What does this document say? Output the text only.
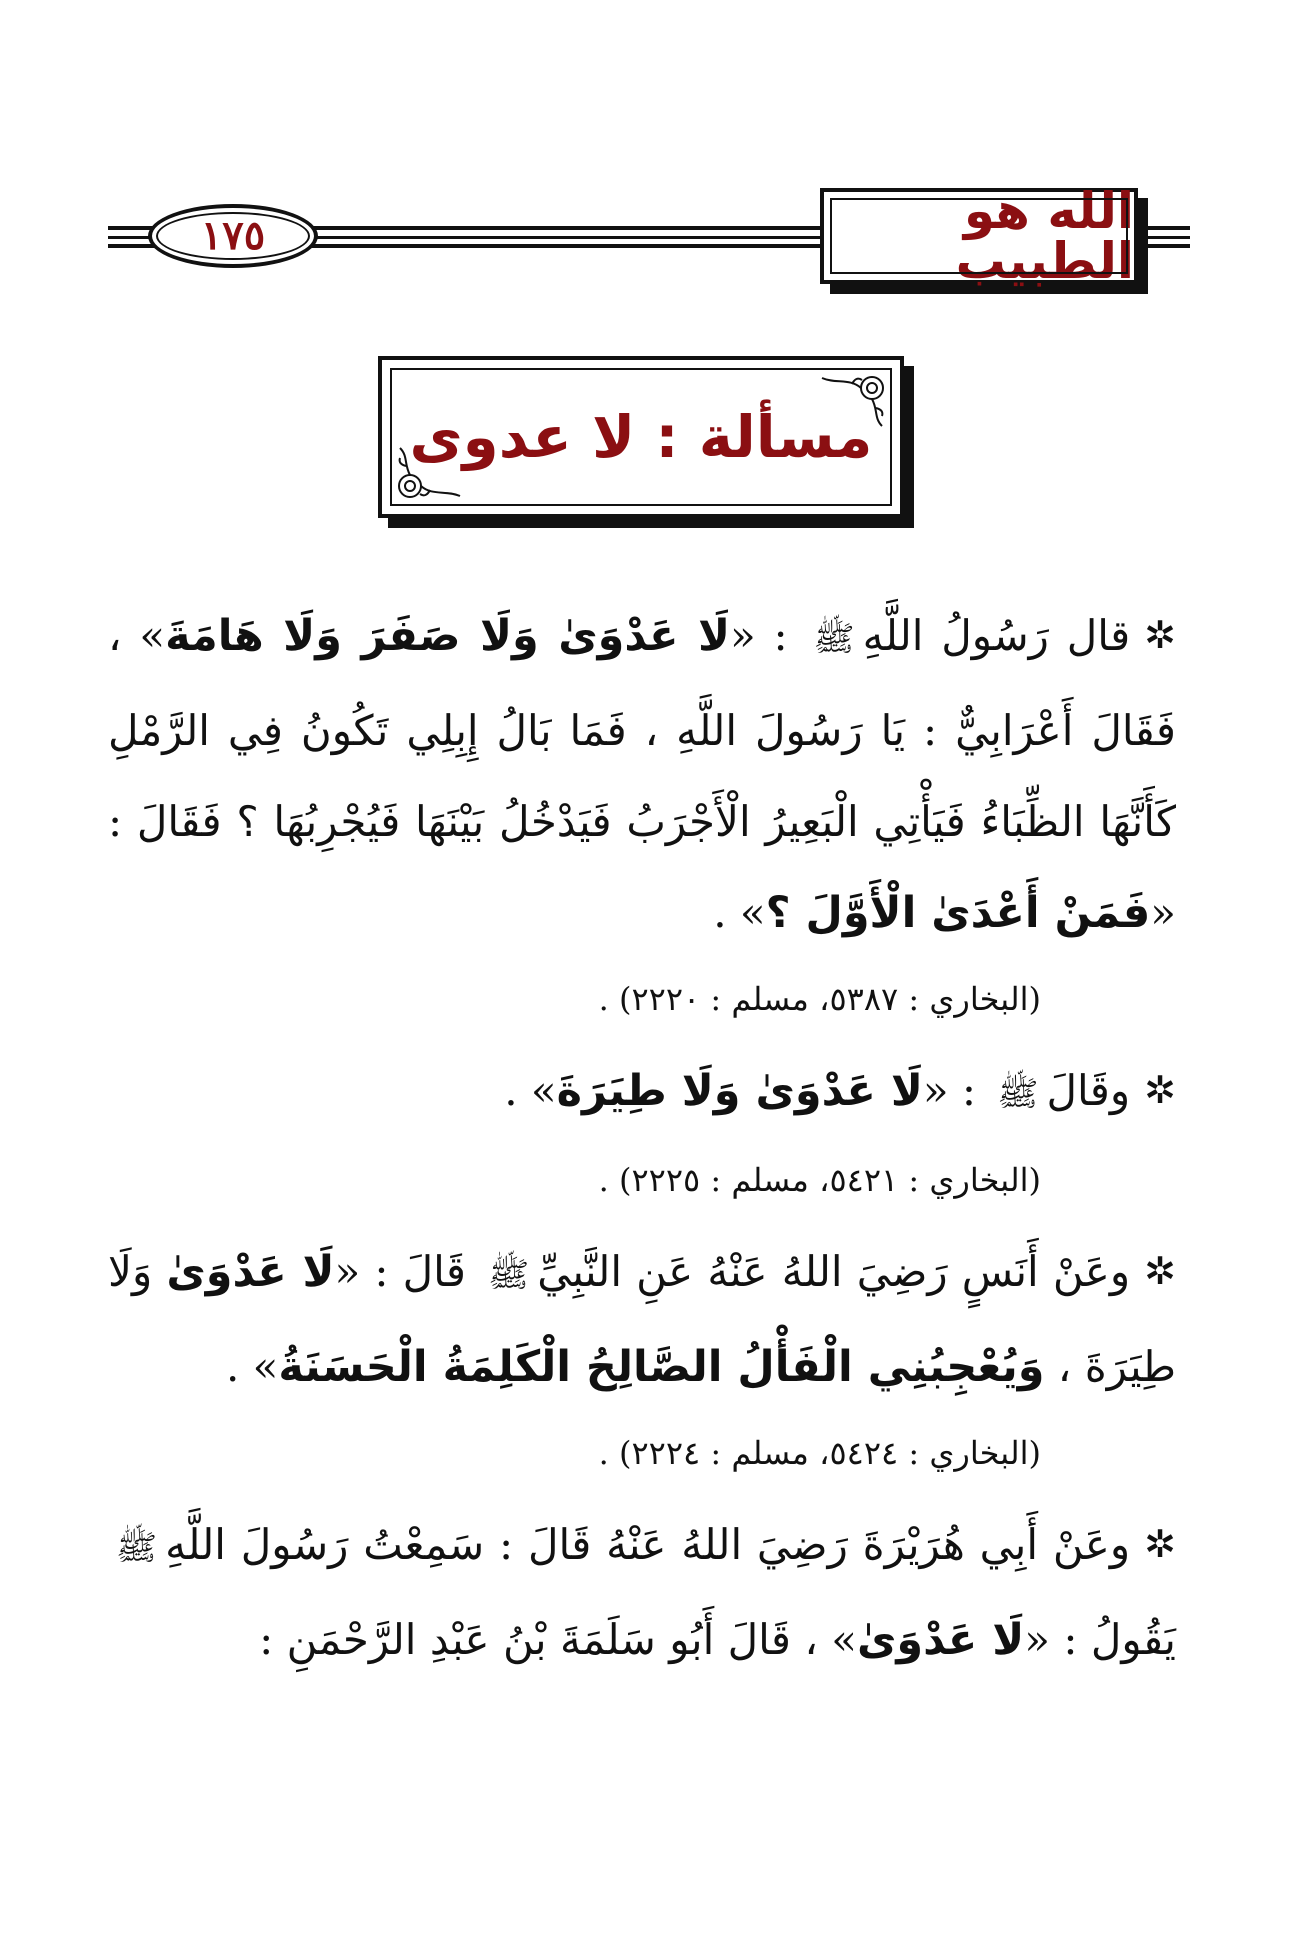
١٧٥	الله هو الطبيب
مسألة : لا عدوى

✲قال رَسُولُ اللَّهِﷺ : «لَا عَدْوَىٰ وَلَا صَفَرَ وَلَا هَامَةَ» ، فَقَالَ أَعْرَابِيٌّ : يَا رَسُولَ اللَّهِ ، فَمَا بَالُ إِبِلِي تَكُونُ فِي الرَّمْلِ كَأَنَّهَا الظِّبَاءُ فَيَأْتِي الْبَعِيرُ الْأَجْرَبُ فَيَدْخُلُ بَيْنَهَا فَيُجْرِبُهَا ؟ فَقَالَ : «فَمَنْ أَعْدَىٰ الْأَوَّلَ ؟» .

(البخاري : ٥٣٨٧، مسلم : ٢٢٢٠) .

✲وقَالَﷺ : «لَا عَدْوَىٰ وَلَا طِيَرَةَ» .

(البخاري : ٥٤٢١، مسلم : ٢٢٢٥) .

✲وعَنْ أَنَسٍ رَضِيَ اللهُ عَنْهُ عَنِ النَّبِيِّﷺ قَالَ : «لَا عَدْوَىٰ وَلَا طِيَرَةَ ، وَيُعْجِبُنِي الْفَأْلُ الصَّالِحُ الْكَلِمَةُ الْحَسَنَةُ» .

(البخاري : ٥٤٢٤، مسلم : ٢٢٢٤) .

✲وعَنْ أَبِي هُرَيْرَةَ رَضِيَ اللهُ عَنْهُ قَالَ : سَمِعْتُ رَسُولَ اللَّهِﷺ يَقُولُ : «لَا عَدْوَىٰ» ، قَالَ أَبُو سَلَمَةَ بْنُ عَبْدِ الرَّحْمَنِ :
